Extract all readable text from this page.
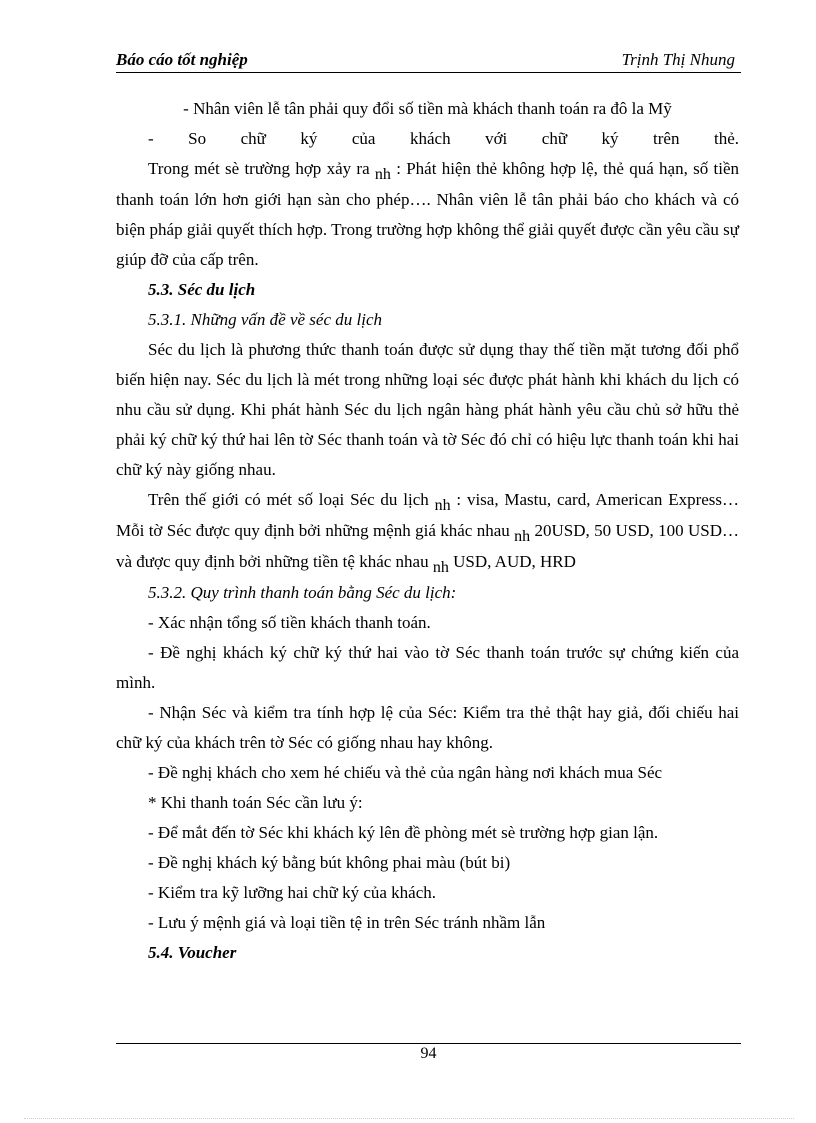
Báo cáo tốt nghiệp	Trịnh Thị Nhung

- Nhân viên lễ tân phải quy đổi số tiền mà khách thanh toán ra đô la Mỹ

- So chữ ký của khách với chữ ký trên thẻ.

Trong mét sè trường hợp xảy ra nh : Phát hiện thẻ không hợp lệ, thẻ quá hạn, số tiền thanh toán lớn hơn giới hạn sàn cho phép…. Nhân viên lễ tân phải báo cho khách và có biện pháp giải quyết thích hợp. Trong trường hợp không thể giải quyết được cần yêu cầu sự giúp đỡ của cấp trên.

5.3. Séc du lịch

5.3.1. Những vấn đề về séc du lịch

Séc du lịch là phương thức thanh toán được sử dụng thay thế tiền mặt tương đối phổ biến hiện nay. Séc du lịch là mét trong những loại séc được phát hành khi khách du lịch có nhu cầu sử dụng. Khi phát hành Séc du lịch ngân hàng phát hành yêu cầu chủ sở hữu thẻ phải ký chữ ký thứ hai lên tờ Séc thanh toán và tờ Séc đó chỉ có hiệu lực thanh toán khi hai chữ ký này giống nhau.

Trên thế giới có mét số loại Séc du lịch nh : visa, Mastu, card, American Express… Mỗi tờ Séc được quy định bởi những mệnh giá khác nhau nh 20USD, 50 USD, 100 USD…và được quy định bởi những tiền tệ khác nhau nh USD, AUD, HRD

5.3.2. Quy trình thanh toán bằng Séc du lịch:

- Xác nhận tổng số tiền khách thanh toán.

- Đề nghị khách ký chữ ký thứ hai vào tờ Séc thanh toán trước sự chứng kiến của mình.

- Nhận Séc và kiểm tra tính hợp lệ của Séc: Kiểm tra thẻ thật hay giả, đối chiếu hai chữ ký của khách trên tờ Séc có giống nhau hay không.

- Đề nghị khách cho xem hé chiếu và thẻ của ngân hàng nơi khách mua Séc

* Khi thanh toán Séc cần lưu ý:

- Để mắt đến tờ Séc khi khách ký lên đề phòng mét sè trường hợp gian lận.

- Đề nghị khách ký bằng bút không phai màu (bút bi)

- Kiểm tra kỹ lưỡng hai chữ ký của khách.

- Lưu ý mệnh giá và loại tiền tệ in trên Séc tránh nhầm lẫn

5.4. Voucher

94
